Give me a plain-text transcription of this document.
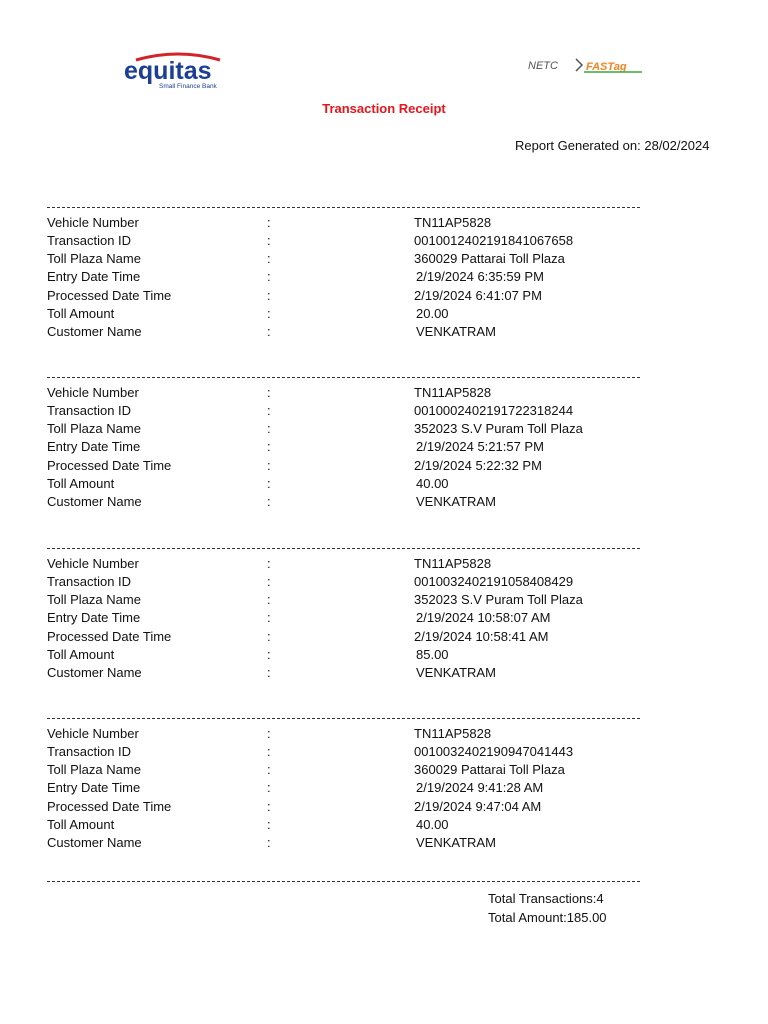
equitas
Small Finance Bank
NETC	FASTag
Transaction Receipt
Report Generated on: 28/02/2024
Vehicle Number	:	TN11AP5828
Transaction ID	:	0010012402191841067658
Toll Plaza Name	:	360029 Pattarai Toll Plaza
Entry Date Time	:	2/19/2024 6:35:59 PM
Processed Date Time	:	2/19/2024 6:41:07 PM
Toll Amount	:	20.00
Customer Name	:	VENKATRAM
Vehicle Number	:	TN11AP5828
Transaction ID	:	0010002402191722318244
Toll Plaza Name	:	352023 S.V Puram Toll Plaza
Entry Date Time	:	2/19/2024 5:21:57 PM
Processed Date Time	:	2/19/2024 5:22:32 PM
Toll Amount	:	40.00
Customer Name	:	VENKATRAM
Vehicle Number	:	TN11AP5828
Transaction ID	:	0010032402191058408429
Toll Plaza Name	:	352023 S.V Puram Toll Plaza
Entry Date Time	:	2/19/2024 10:58:07 AM
Processed Date Time	:	2/19/2024 10:58:41 AM
Toll Amount	:	85.00
Customer Name	:	VENKATRAM
Vehicle Number	:	TN11AP5828
Transaction ID	:	0010032402190947041443
Toll Plaza Name	:	360029 Pattarai Toll Plaza
Entry Date Time	:	2/19/2024 9:41:28 AM
Processed Date Time	:	2/19/2024 9:47:04 AM
Toll Amount	:	40.00
Customer Name	:	VENKATRAM
Total Transactions:4
Total Amount:185.00
